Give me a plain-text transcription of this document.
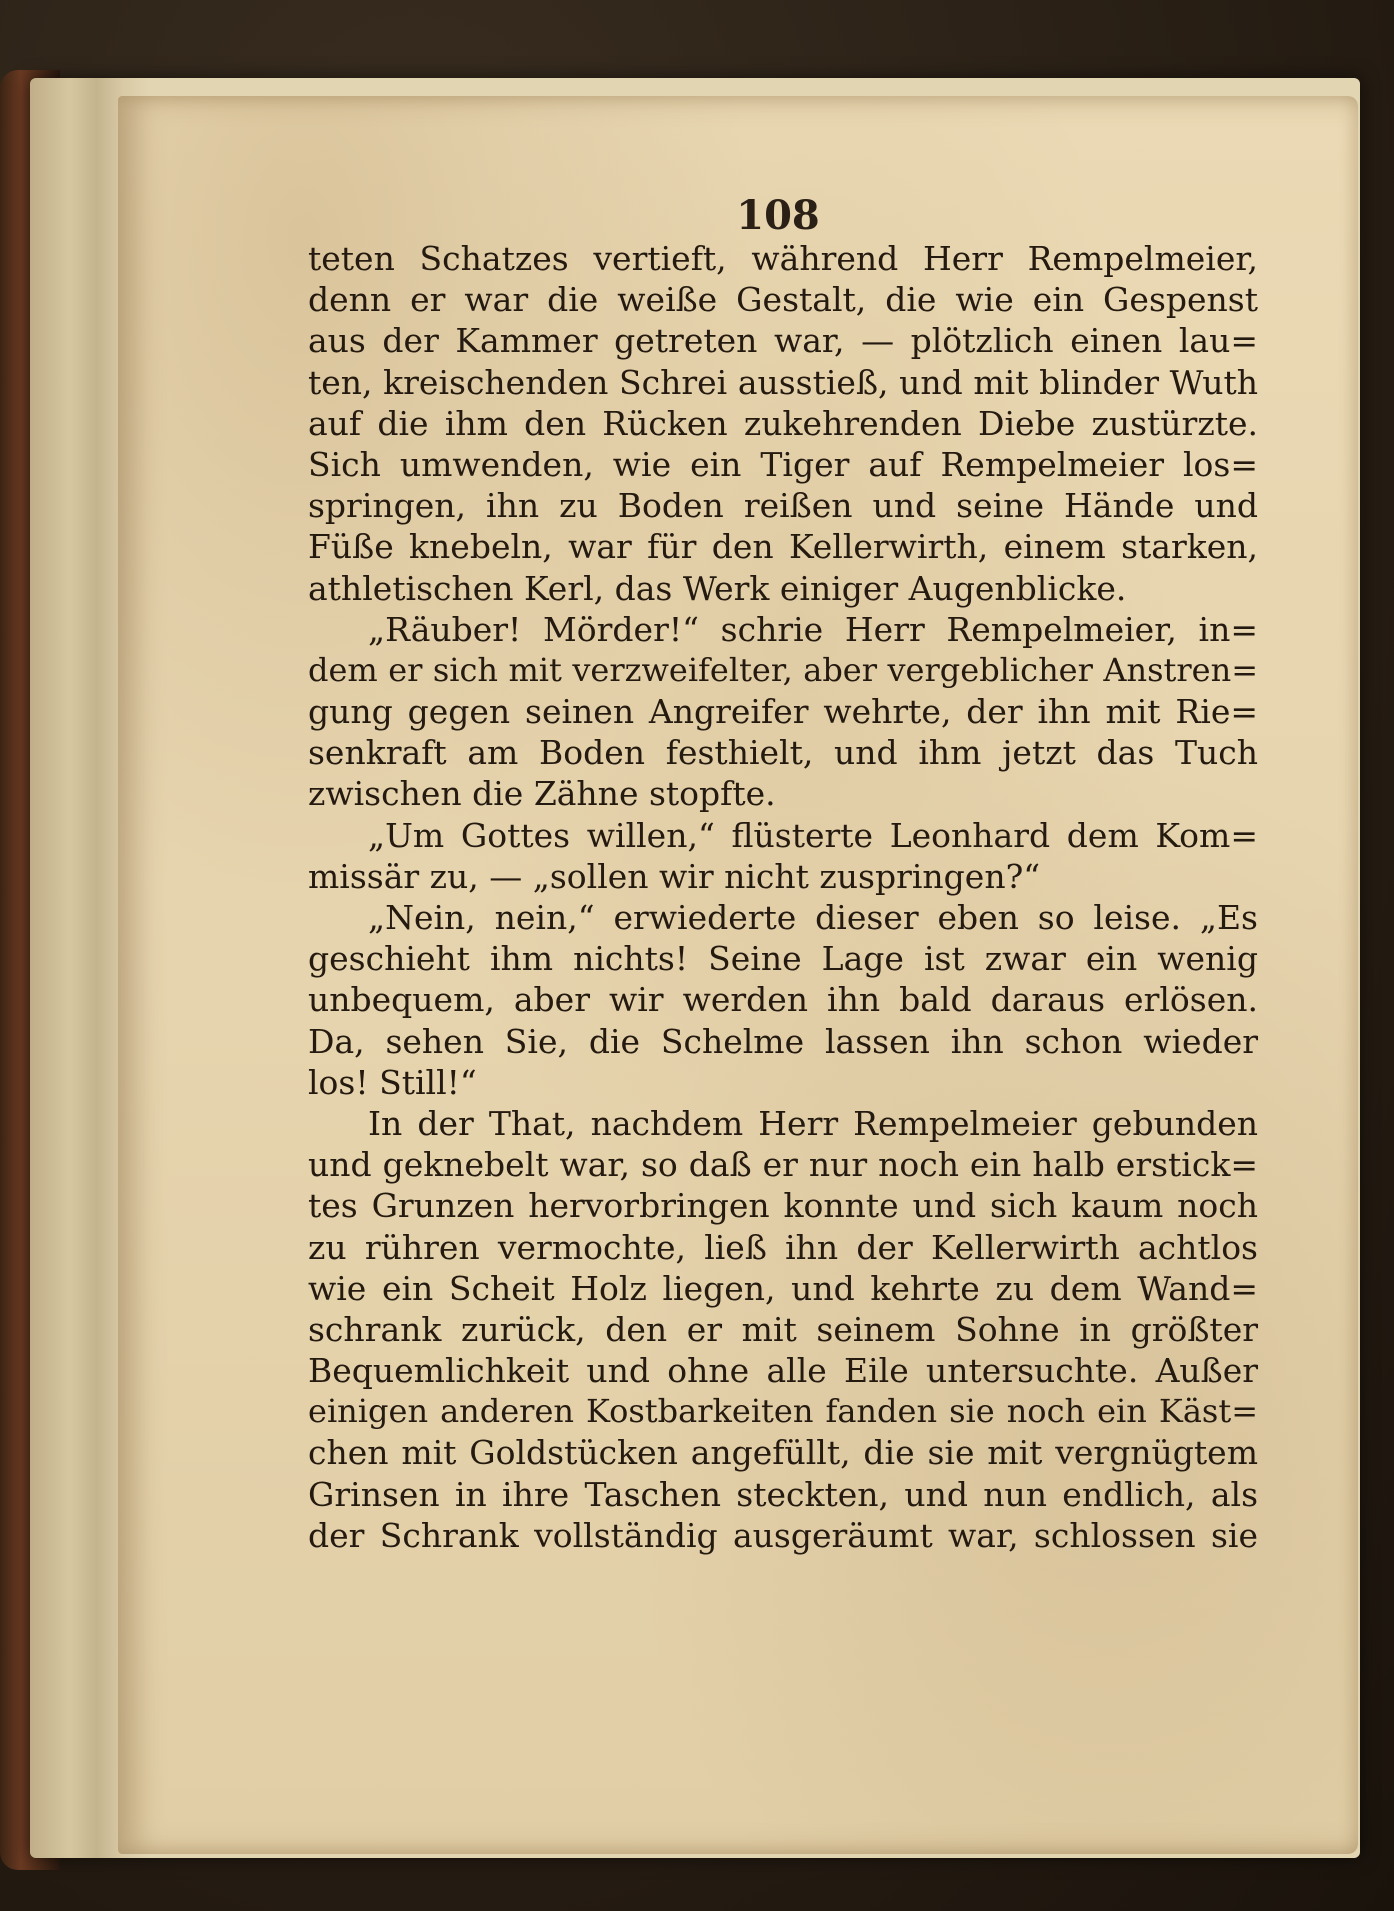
108
teten Schatzes vertieft, während Herr Rempelmeier,
denn er war die weiße Gestalt, die wie ein Gespenst
aus der Kammer getreten war, — plötzlich einen lau=
ten, kreischenden Schrei ausstieß, und mit blinder Wuth
auf die ihm den Rücken zukehrenden Diebe zustürzte.
Sich umwenden, wie ein Tiger auf Rempelmeier los=
springen, ihn zu Boden reißen und seine Hände und
Füße knebeln, war für den Kellerwirth, einem starken,
athletischen Kerl, das Werk einiger Augenblicke.
„Räuber! Mörder!“ schrie Herr Rempelmeier, in=
dem er sich mit verzweifelter, aber vergeblicher Anstren=
gung gegen seinen Angreifer wehrte, der ihn mit Rie=
senkraft am Boden festhielt, und ihm jetzt das Tuch
zwischen die Zähne stopfte.
„Um Gottes willen,“ flüsterte Leonhard dem Kom=
missär zu, — „sollen wir nicht zuspringen?“
„Nein, nein,“ erwiederte dieser eben so leise. „Es
geschieht ihm nichts! Seine Lage ist zwar ein wenig
unbequem, aber wir werden ihn bald daraus erlösen.
Da, sehen Sie, die Schelme lassen ihn schon wieder
los! Still!“
In der That, nachdem Herr Rempelmeier gebunden
und geknebelt war, so daß er nur noch ein halb erstick=
tes Grunzen hervorbringen konnte und sich kaum noch
zu rühren vermochte, ließ ihn der Kellerwirth achtlos
wie ein Scheit Holz liegen, und kehrte zu dem Wand=
schrank zurück, den er mit seinem Sohne in größter
Bequemlichkeit und ohne alle Eile untersuchte. Außer
einigen anderen Kostbarkeiten fanden sie noch ein Käst=
chen mit Goldstücken angefüllt, die sie mit vergnügtem
Grinsen in ihre Taschen steckten, und nun endlich, als
der Schrank vollständig ausgeräumt war, schlossen sie
